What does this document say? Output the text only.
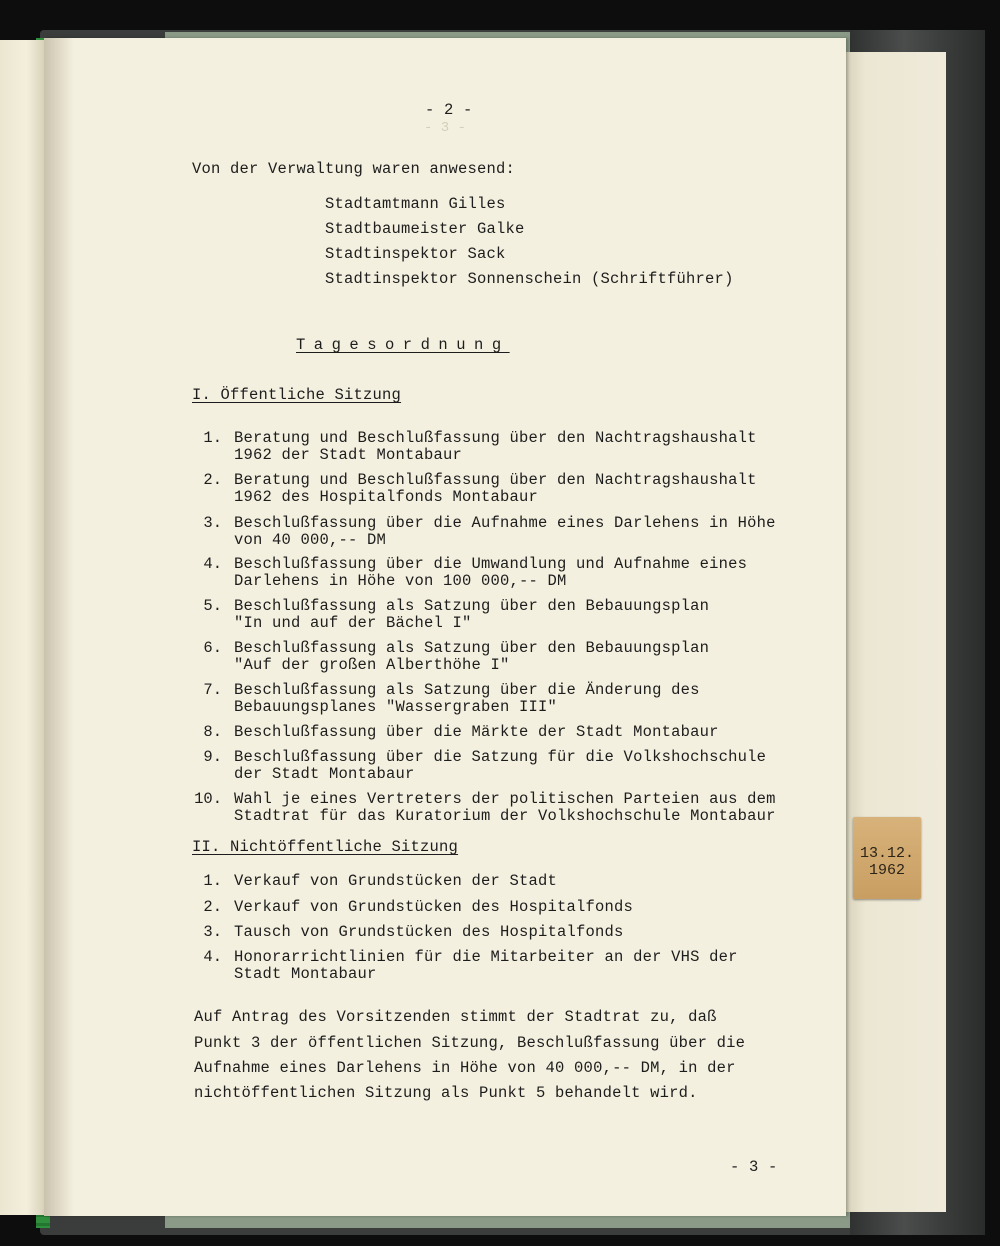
13.12.
1962
- 3 -
- 2 -
Von der Verwaltung waren anwesend:
Stadtamtmann Gilles
Stadtbaumeister Galke
Stadtinspektor Sack
Stadtinspektor Sonnenschein (Schriftführer)
Tagesordnung
I. Öffentliche Sitzung
1. Beratung und Beschlußfassung über den Nachtragshaushalt
1962 der Stadt Montabaur
2. Beratung und Beschlußfassung über den Nachtragshaushalt
1962 des Hospitalfonds Montabaur
3. Beschlußfassung über die Aufnahme eines Darlehens in Höhe
von 40 000,-- DM
4. Beschlußfassung über die Umwandlung und Aufnahme eines
Darlehens in Höhe von 100 000,-- DM
5. Beschlußfassung als Satzung über den Bebauungsplan
"In und auf der Bächel I"
6. Beschlußfassung als Satzung über den Bebauungsplan
"Auf der großen Alberthöhe I"
7. Beschlußfassung als Satzung über die Änderung des
Bebauungsplanes "Wassergraben III"
8. Beschlußfassung über die Märkte der Stadt Montabaur
9. Beschlußfassung über die Satzung für die Volkshochschule
der Stadt Montabaur
10. Wahl je eines Vertreters der politischen Parteien aus dem
Stadtrat für das Kuratorium der Volkshochschule Montabaur
II. Nichtöffentliche Sitzung
1. Verkauf von Grundstücken der Stadt
2. Verkauf von Grundstücken des Hospitalfonds
3. Tausch von Grundstücken des Hospitalfonds
4. Honorarrichtlinien für die Mitarbeiter an der VHS der
Stadt Montabaur
Auf Antrag des Vorsitzenden stimmt der Stadtrat zu, daß
Punkt 3 der öffentlichen Sitzung, Beschlußfassung über die
Aufnahme eines Darlehens in Höhe von 40 000,-- DM, in der
nichtöffentlichen Sitzung als Punkt 5 behandelt wird.
- 3 -
